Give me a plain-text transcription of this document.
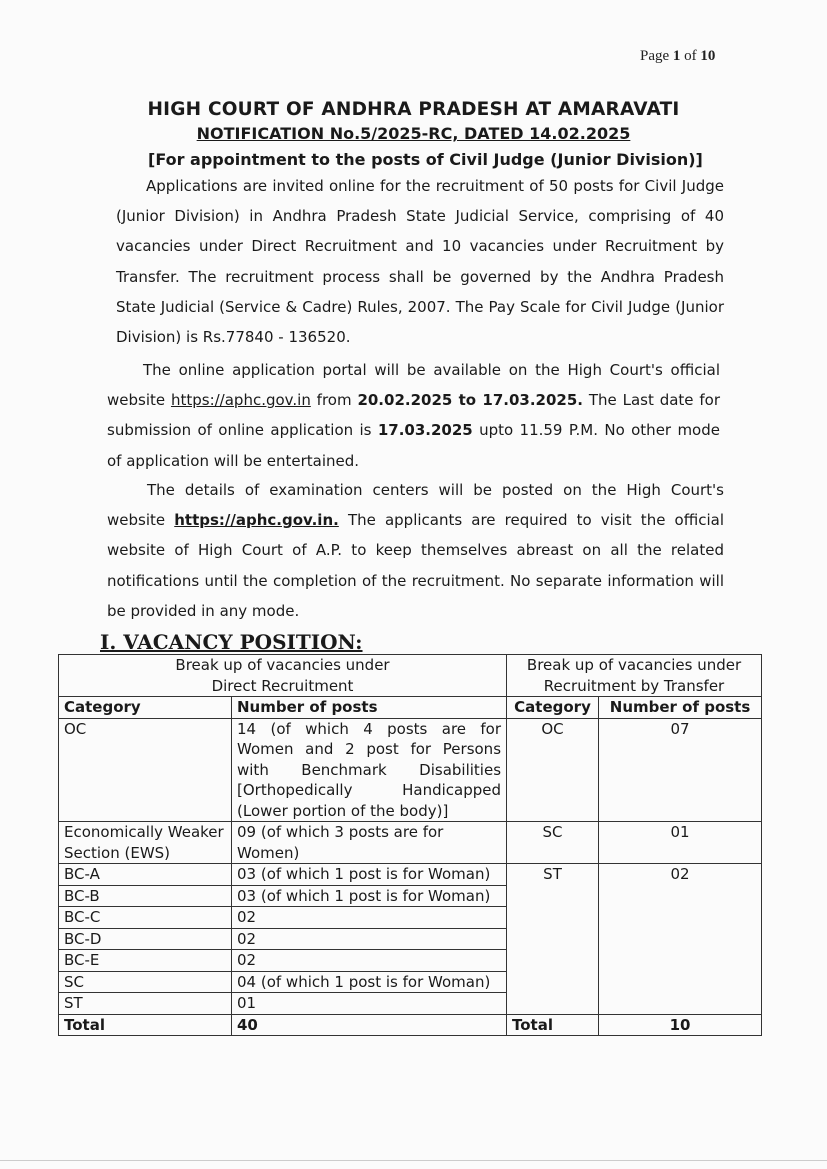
Page 1 of 10
HIGH COURT OF ANDHRA PRADESH AT AMARAVATI
NOTIFICATION No.5/2025-RC, DATED 14.02.2025
[For appointment to the posts of Civil Judge (Junior Division)]

Applications are invited online for the recruitment of 50 posts for Civil Judge (Junior Division) in Andhra Pradesh State Judicial Service, comprising of 40 vacancies under Direct Recruitment and 10 vacancies under Recruitment by Transfer. The recruitment process shall be governed by the Andhra Pradesh State Judicial (Service & Cadre) Rules, 2007. The Pay Scale for Civil Judge (Junior Division) is Rs.77840 - 136520.

The online application portal will be available on the High Court's official website https://aphc.gov.in from 20.02.2025 to 17.03.2025. The Last date for submission of online application is 17.03.2025 upto 11.59 P.M. No other mode of application will be entertained.

The details of examination centers will be posted on the High Court's website https://aphc.gov.in. The applicants are required to visit the official website of High Court of A.P. to keep themselves abreast on all the related notifications until the completion of the recruitment. No separate information will be provided in any mode.

I. VACANCY POSITION:
Break up of vacancies under Direct Recruitment		Break up of vacancies under Recruitment by Transfer	
Category	Number of posts	Category	Number of posts
OC	14 (of which 4 posts are for Women and 2 post for Persons with Benchmark Disabilities [Orthopedically Handicapped (Lower portion of the body)]	OC	07
Economically Weaker Section (EWS)	09 (of which 3 posts are for Women)	SC	01
BC-A	03 (of which 1 post is for Woman)	ST	02
BC-B	03 (of which 1 post is for Woman)		
BC-C	02		
BC-D	02		
BC-E	02		
SC	04 (of which 1 post is for Woman)		
ST	01		
Total	40	Total	10
